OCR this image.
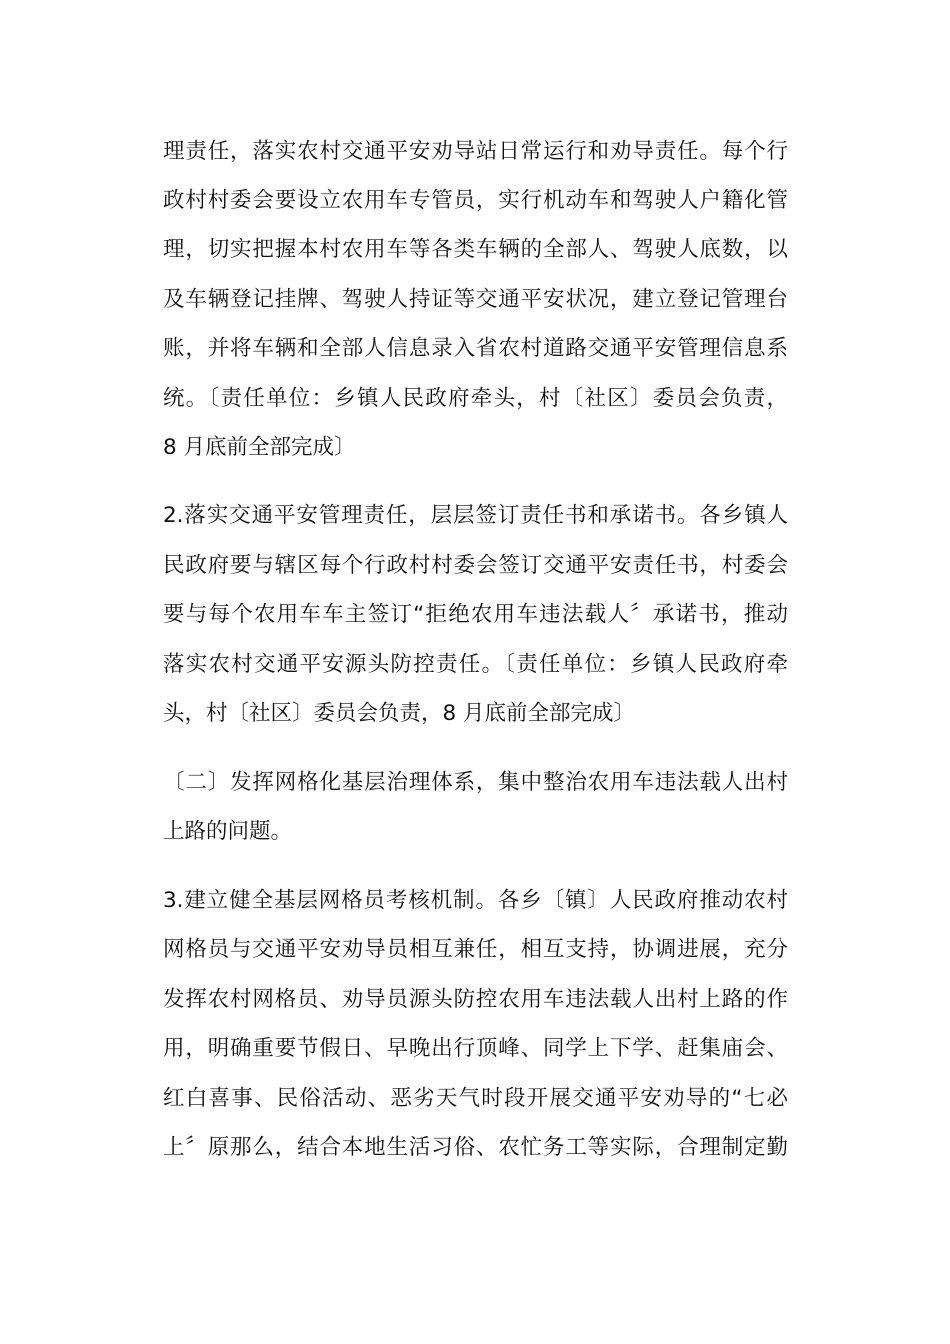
理责任，落实农村交通平安劝导站日常运行和劝导责任。每个行
政村村委会要设立农用车专管员，实行机动车和驾驶人户籍化管
理，切实把握本村农用车等各类车辆的全部人、驾驶人底数，以
及车辆登记挂牌、驾驶人持证等交通平安状况，建立登记管理台
账，并将车辆和全部人信息录入省农村道路交通平安管理信息系
统。〔责任单位：乡镇人民政府牵头，村〔社区〕委员会负责，
8 月底前全部完成〕
2.落实交通平安管理责任，层层签订责任书和承诺书。各乡镇人
民政府要与辖区每个行政村村委会签订交通平安责任书，村委会
要与每个农用车车主签订“拒绝农用车违法载人〞承诺书，推动
落实农村交通平安源头防控责任。〔责任单位：乡镇人民政府牵
头，村〔社区〕委员会负责，8 月底前全部完成〕
〔二〕发挥网格化基层治理体系，集中整治农用车违法载人出村
上路的问题。
3.建立健全基层网格员考核机制。各乡〔镇〕人民政府推动农村
网格员与交通平安劝导员相互兼任，相互支持，协调进展，充分
发挥农村网格员、劝导员源头防控农用车违法载人出村上路的作
用，明确重要节假日、早晚出行顶峰、同学上下学、赶集庙会、
红白喜事、民俗活动、恶劣天气时段开展交通平安劝导的“七必
上〞原那么，结合本地生活习俗、农忙务工等实际，合理制定勤
